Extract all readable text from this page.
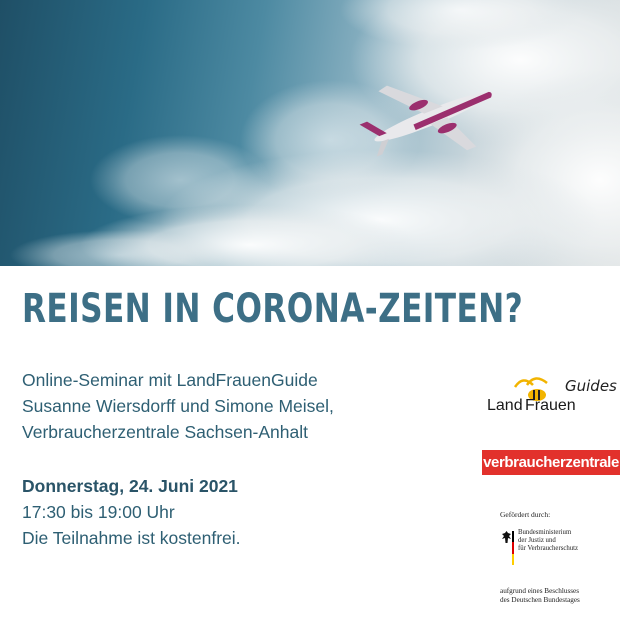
REISEN IN CORONA-ZEITEN?
Online-Seminar mit LandFrauenGuide
Susanne Wiersdorff und Simone Meisel,
Verbraucherzentrale Sachsen-Anhalt
Donnerstag, 24. Juni 2021
17:30 bis 19:00 Uhr
Die Teilnahme ist kostenfrei.
Guides
Land Frauen
verbraucherzentrale
Gefördert durch:
Bundesministerium
der Justiz und
für Verbraucherschutz
aufgrund eines Beschlusses
des Deutschen Bundestages
